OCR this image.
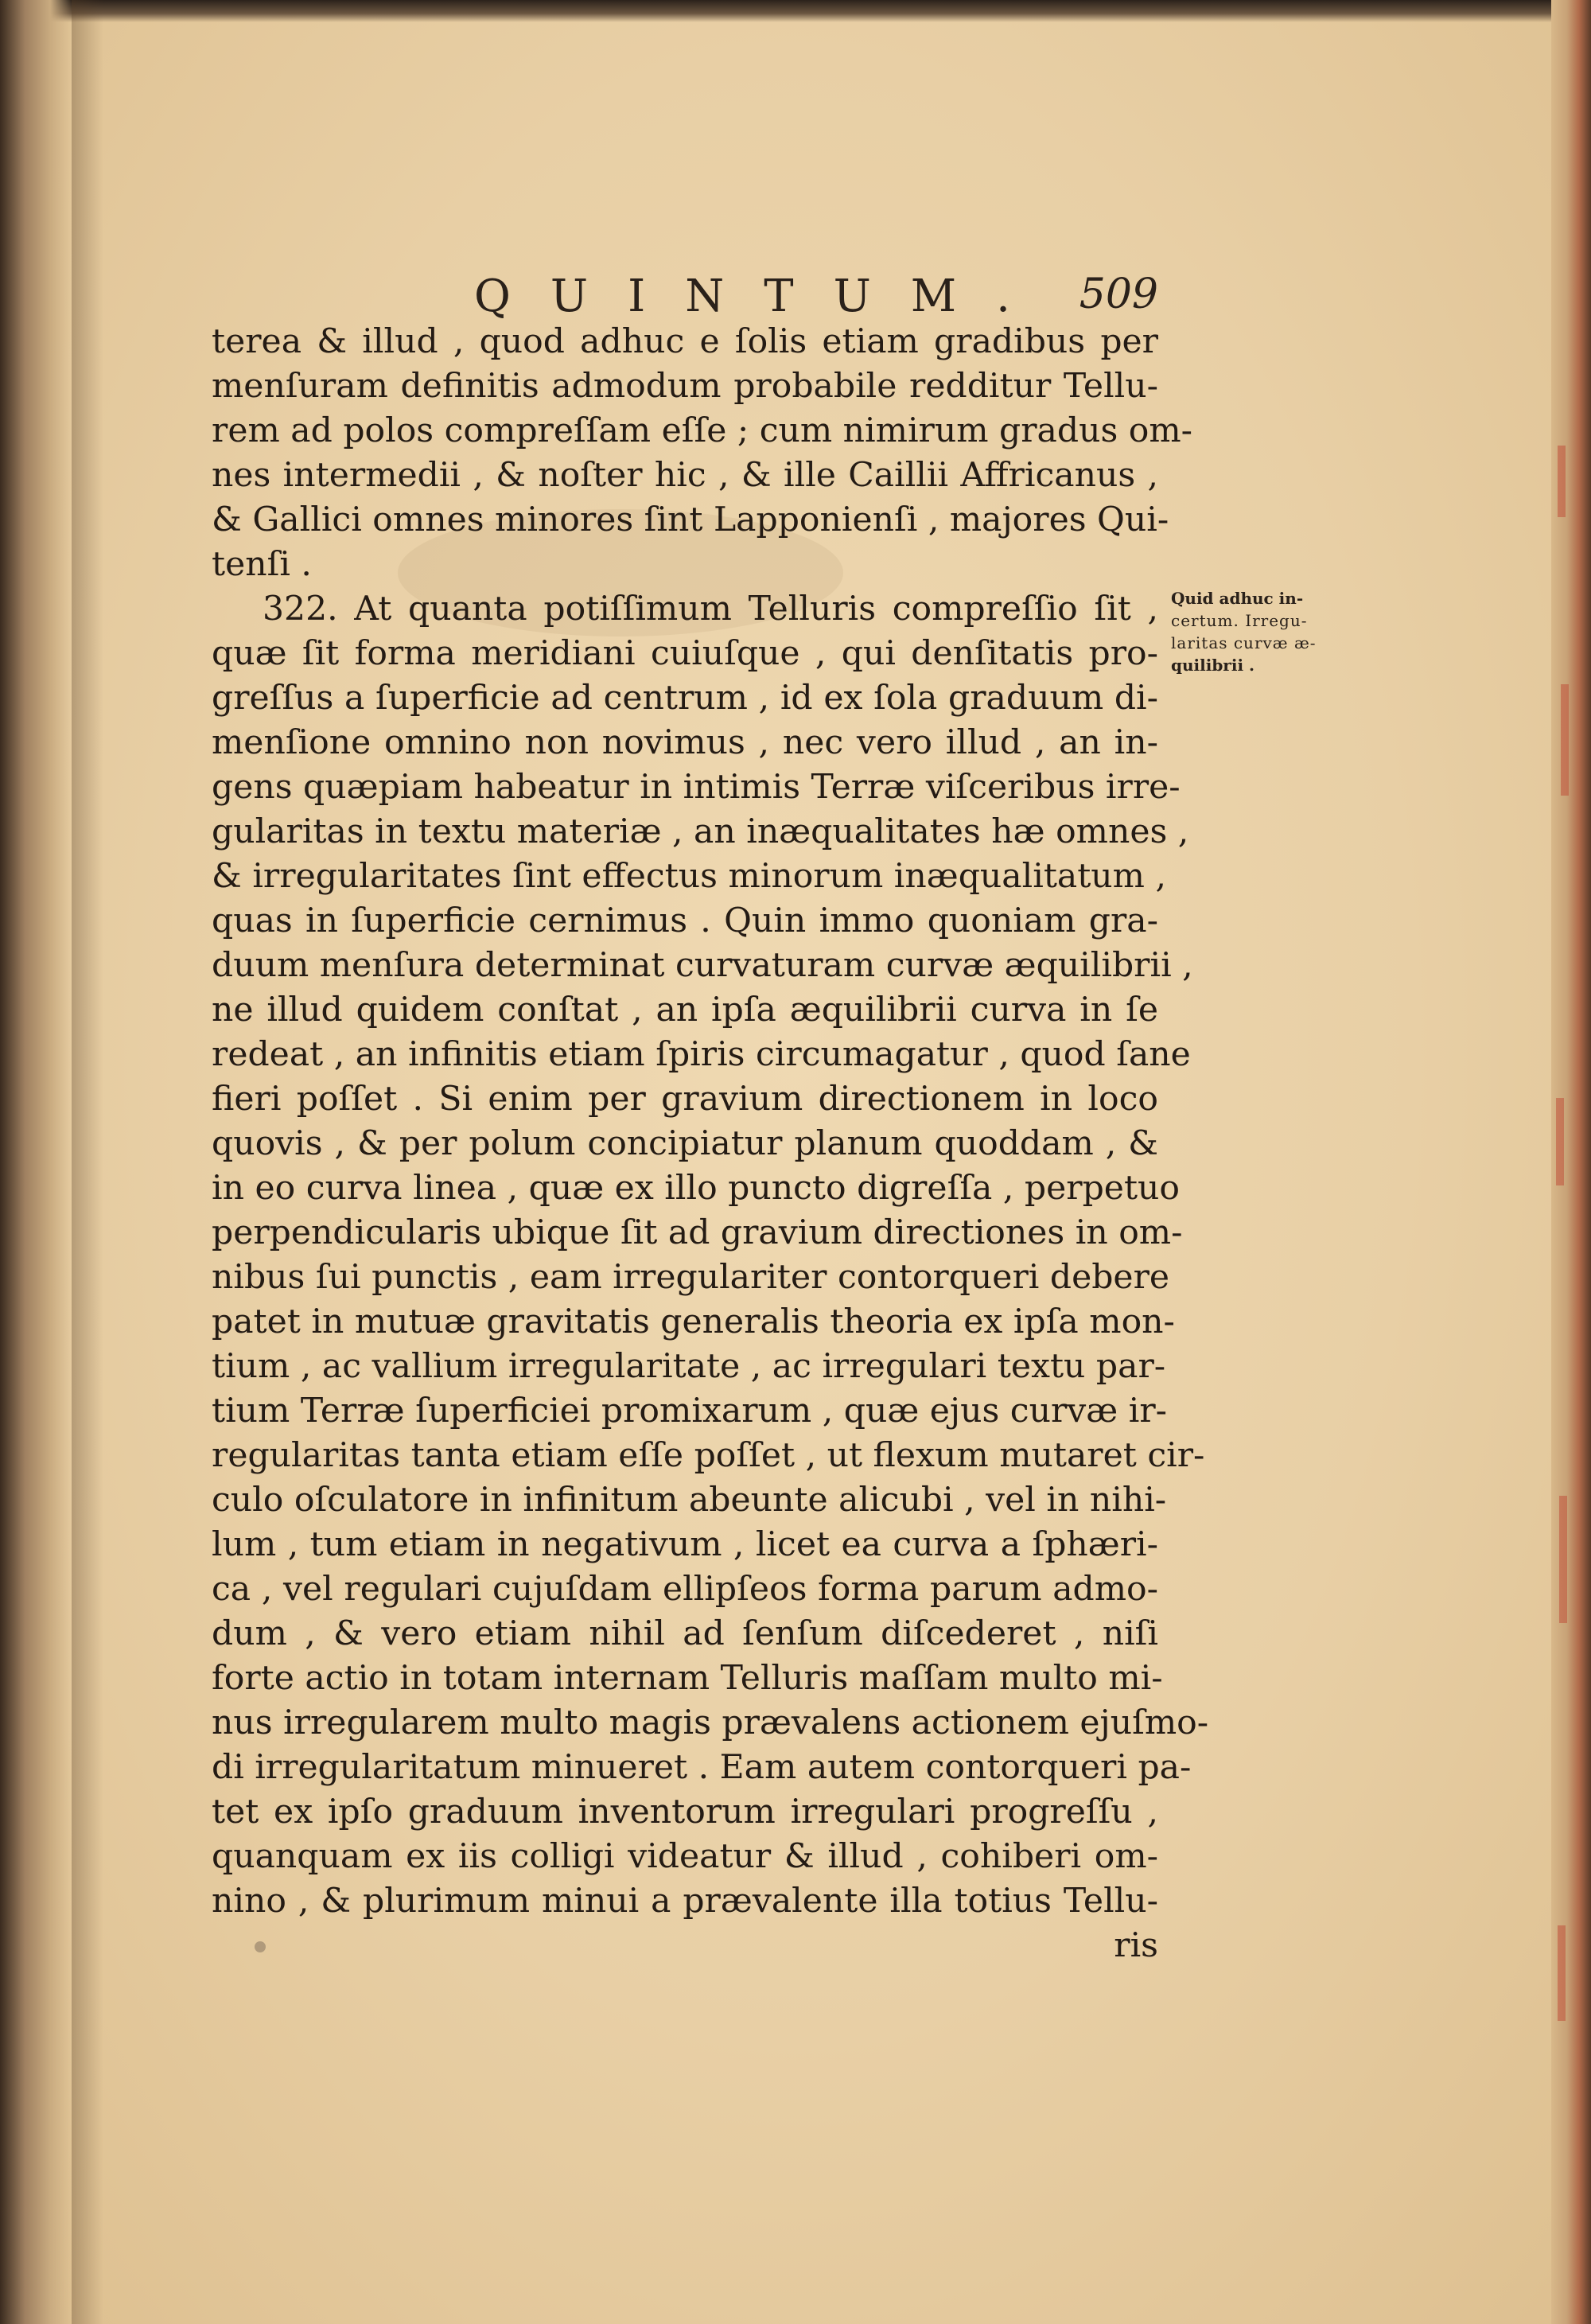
QUINTUM. 509
terea & illud , quod adhuc e ſolis etiam gradibus per
menſuram definitis admodum probabile redditur Tellu-
rem ad polos compreſſam eſſe ; cum nimirum gradus om-
nes intermedii , & noſter hic , & ille Caillii Affricanus ,
& Gallici omnes minores ſint Lapponienſi , majores Qui-
tenſi .
322. At quanta potiſſimum Telluris compreſſio ſit ,
quæ ſit forma meridiani cuiuſque , qui denſitatis pro-
greſſus a ſuperficie ad centrum , id ex ſola graduum di-
menſione omnino non novimus , nec vero illud , an in-
gens quæpiam habeatur in intimis Terræ viſceribus irre-
gularitas in textu materiæ , an inæqualitates hæ omnes ,
& irregularitates ſint effectus minorum inæqualitatum ,
quas in ſuperficie cernimus . Quin immo quoniam gra-
duum menſura determinat curvaturam curvæ æquilibrii ,
ne illud quidem conſtat , an ipſa æquilibrii curva in ſe
redeat , an infinitis etiam ſpiris circumagatur , quod ſane
fieri poſſet . Si enim per gravium directionem in loco
quovis , & per polum concipiatur planum quoddam , &
in eo curva linea , quæ ex illo puncto digreſſa , perpetuo
perpendicularis ubique ſit ad gravium directiones in om-
nibus ſui punctis , eam irregulariter contorqueri debere
patet in mutuæ gravitatis generalis theoria ex ipſa mon-
tium , ac vallium irregularitate , ac irregulari textu par-
tium Terræ ſuperficiei promixarum , quæ ejus curvæ ir-
regularitas tanta etiam eſſe poſſet , ut flexum mutaret cir-
culo oſculatore in infinitum abeunte alicubi , vel in nihi-
lum , tum etiam in negativum , licet ea curva a ſphæri-
ca , vel regulari cujuſdam ellipſeos forma parum admo-
dum , & vero etiam nihil ad ſenſum diſcederet , niſi
forte actio in totam internam Telluris maſſam multo mi-
nus irregularem multo magis prævalens actionem ejuſmo-
di irregularitatum minueret . Eam autem contorqueri pa-
tet ex ipſo graduum inventorum irregulari progreſſu ,
quanquam ex iis colligi videatur & illud , cohiberi om-
nino , & plurimum minui a prævalente illa totius Tellu-
ris
Quid adhuc in-
certum. Irregu-
laritas curvæ æ-
quilibrii .
